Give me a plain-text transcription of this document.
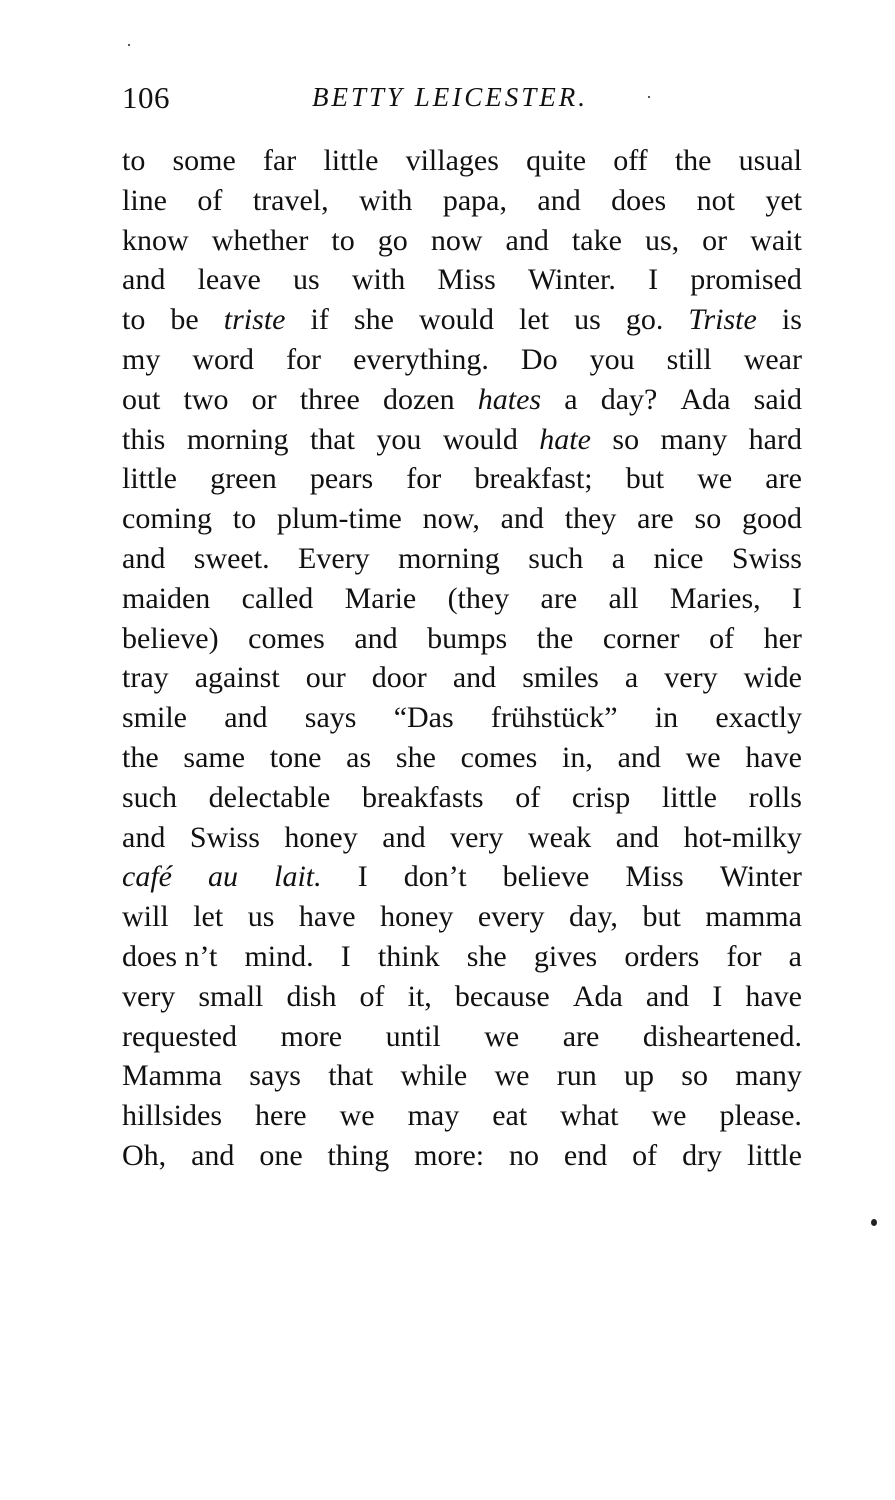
106	BETTY LEICESTER.
to some far little villages quite off the usual
line of travel, with papa, and does not yet
know whether to go now and take us, or wait
and leave us with Miss Winter. I promised
to be triste if she would let us go. Triste is
my word for everything. Do you still wear
out two or three dozen hates a day? Ada said
this morning that you would hate so many hard
little green pears for breakfast; but we are
coming to plum-time now, and they are so good
and sweet. Every morning such a nice Swiss
maiden called Marie (they are all Maries, I
believe) comes and bumps the corner of her
tray against our door and smiles a very wide
smile and says “Das frühstück” in exactly
the same tone as she comes in, and we have
such delectable breakfasts of crisp little rolls
and Swiss honey and very weak and hot-milky
café au lait. I don’t believe Miss Winter
will let us have honey every day, but mamma
does n’t mind. I think she gives orders for a
very small dish of it, because Ada and I have
requested more until we are disheartened.
Mamma says that while we run up so many
hillsides here we may eat what we please.
Oh, and one thing more: no end of dry little
